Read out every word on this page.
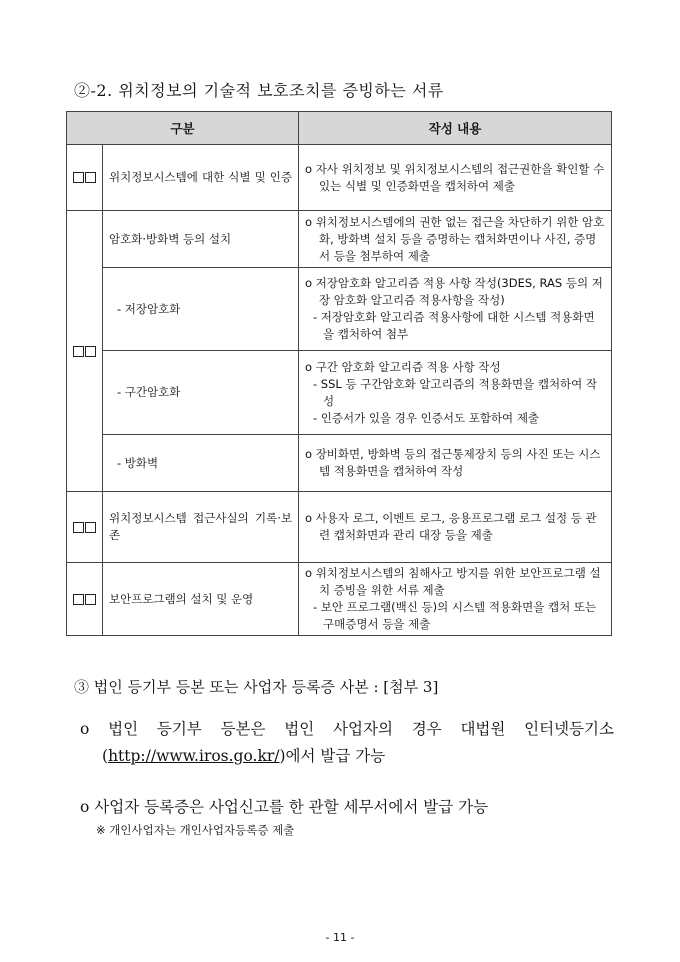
②-2. 위치정보의 기술적 보호조치를 증빙하는 서류
구분		작성 내용
	위치정보시스템에 대한 식별 및 인증	o 자사 위치정보 및 위치정보시스템의 접근권한을 확인할 수 있는 식별 및 인증화면을 캡처하여 제출

	암호화·방화벽 등의 설치	o 위치정보시스템에의 권한 없는 접근을 차단하기 위한 암호화, 방화벽 설치 등을 증명하는 캡처화면이나 사진, 증명서 등을 첨부하여 제출

	- 저장암호화	o 저장암호화 알고리즘 적용 사항 작성(3DES, RAS 등의 저장 암호화 알고리즘 적용사항을 작성)
- 저장암호화 알고리즘 적용사항에 대한 시스템 적용화면을 캡처하여 첨부

	- 구간암호화	o 구간 암호화 알고리즘 적용 사항 작성
- SSL 등 구간암호화 알고리즘의 적용화면을 캡처하여 작성
- 인증서가 있을 경우 인증서도 포함하여 제출

	- 방화벽	o 장비화면, 방화벽 등의 접근통제장치 등의 사진 또는 시스템 적용화면을 캡처하여 작성

	위치정보시스템 접근사실의 기록·보존	o 사용자 로그, 이벤트 로그, 응용프로그램 로그 설정 등 관련 캡처화면과 관리 대장 등을 제출

	보안프로그램의 설치 및 운영	o 위치정보시스템의 침해사고 방지를 위한 보안프로그램 설치 증빙을 위한 서류 제출
- 보안 프로그램(백신 등)의 시스템 적용화면을 캡처 또는 구매증명서 등을 제출
③ 법인 등기부 등본 또는 사업자 등록증 사본 : [첨부 3]
o 법인 등기부 등본은 법인 사업자의 경우 대법원 인터넷등기소
(http://www.iros.go.kr/)에서 발급 가능
o 사업자 등록증은 사업신고를 한 관할 세무서에서 발급 가능
※ 개인사업자는 개인사업자등록증 제출
- 11 -
